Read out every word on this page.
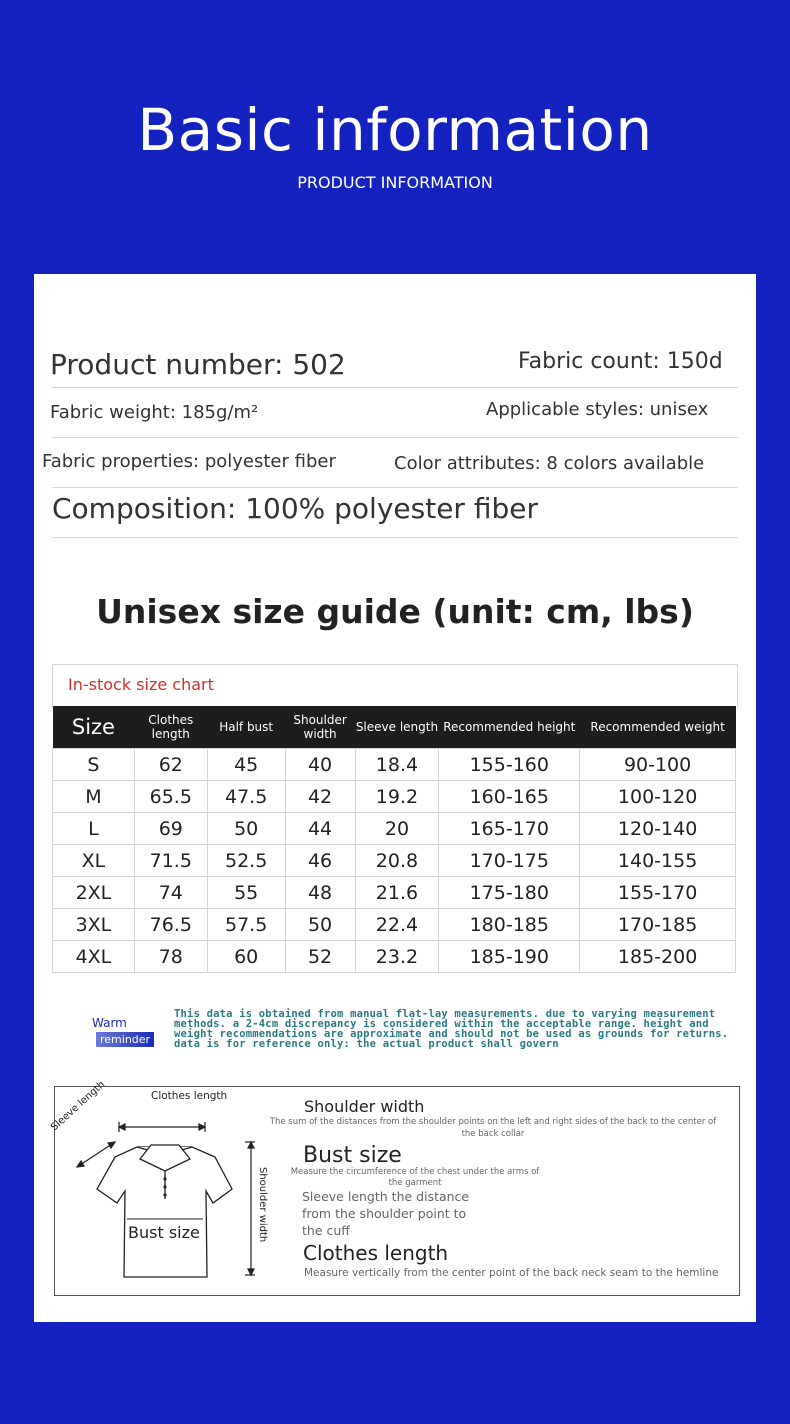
Basic information
PRODUCT INFORMATION
Product number: 502	Fabric count: 150d
Fabric weight: 185g/m²	Applicable styles: unisex
Fabric properties: polyester fiber	Color attributes: 8 colors available
Composition: 100% polyester fiber
Unisex size guide (unit: cm, lbs)
In-stock size chart
Size	Clothes length	Half bust	Shoulder width	Sleeve length	Recommended height	Recommended weight
S	62	45	40	18.4	155-160	90-100
M	65.5	47.5	42	19.2	160-165	100-120
L	69	50	44	20	165-170	120-140
XL	71.5	52.5	46	20.8	170-175	140-155
2XL	74	55	48	21.6	175-180	155-170
3XL	76.5	57.5	50	22.4	180-185	170-185
4XL	78	60	52	23.2	185-190	185-200
Warm
reminder
This data is obtained from manual flat-lay measurements. due to varying measurement methods. a 2-4cm discrepancy is considered within the acceptable range. height and weight recommendations are approximate and should not be used as grounds for returns. data is for reference only: the actual product shall govern
Clothes length
Sleeve length
Bust size	Shoulder width
Shoulder width
The sum of the distances from the shoulder points on the left and right sides of the back to the center of the back collar
Bust size
Measure the circumference of the chest under the arms of the garment
Sleeve length the distance from the shoulder point to the cuff
Clothes length
Measure vertically from the center point of the back neck seam to the hemline
